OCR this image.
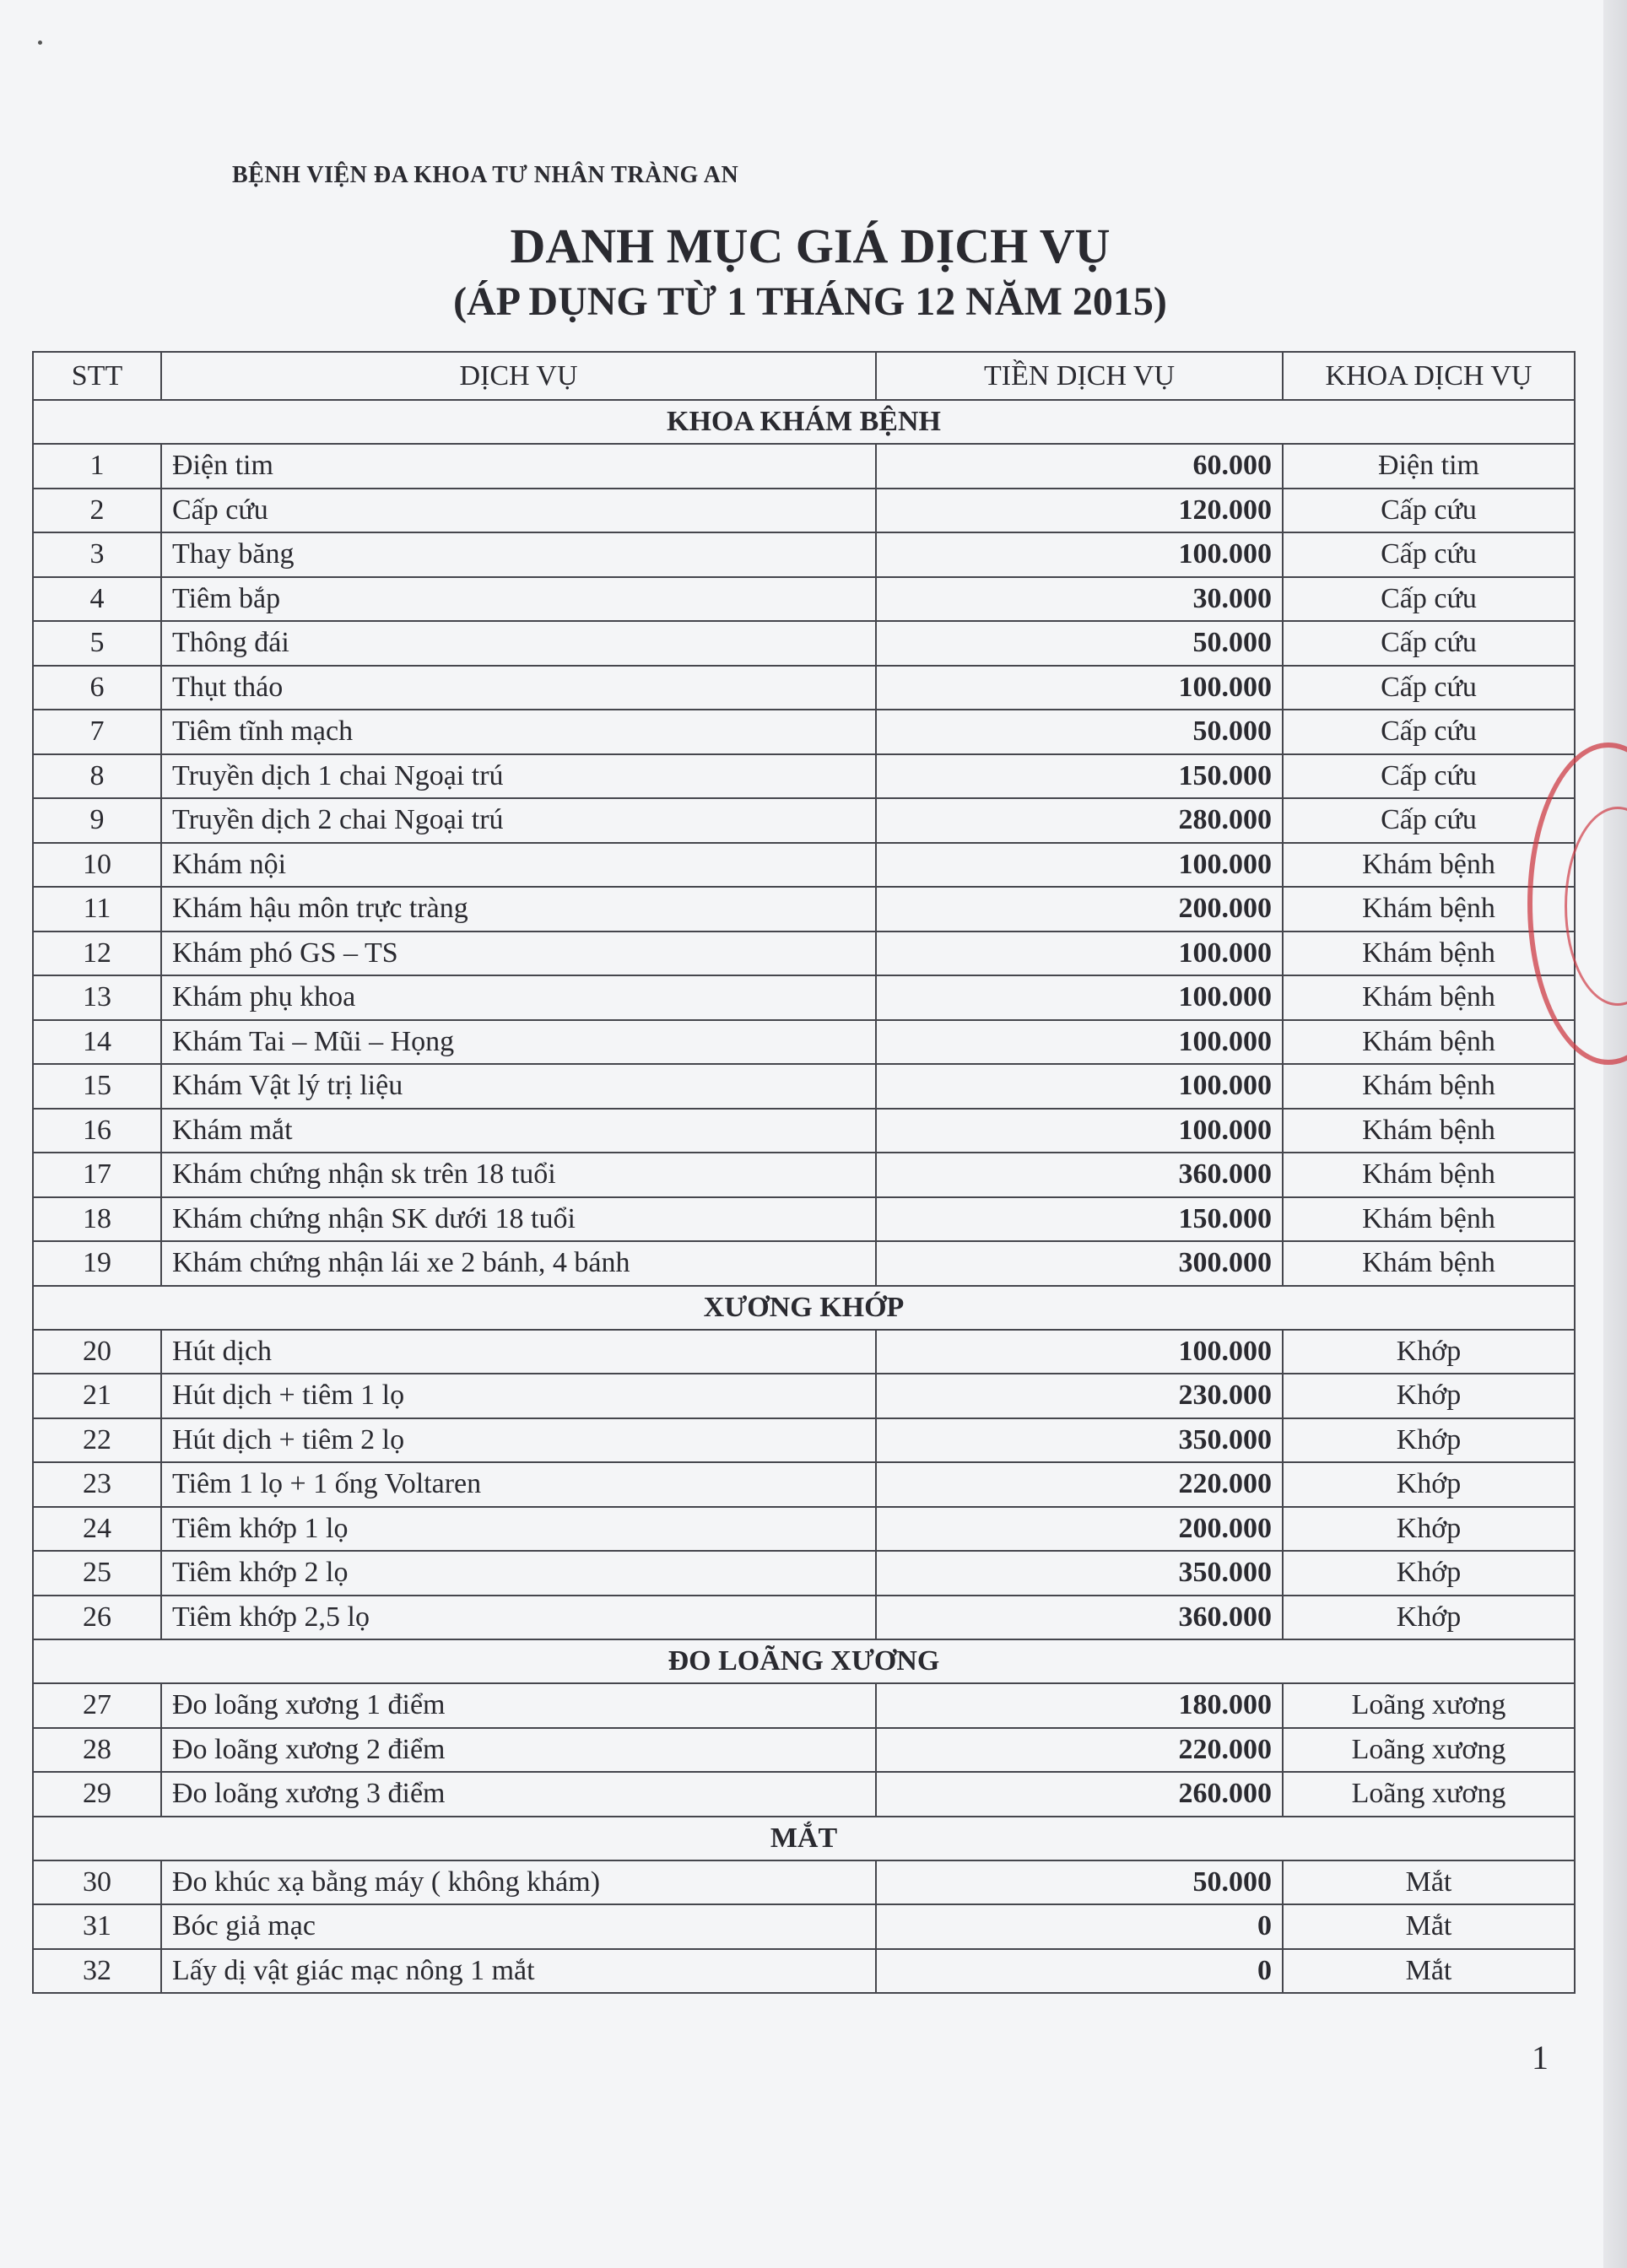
BỆNH VIỆN ĐA KHOA TƯ NHÂN TRÀNG AN
DANH MỤC GIÁ DỊCH VỤ
(ÁP DỤNG TỪ 1 THÁNG 12 NĂM 2015)
STT	DỊCH VỤ	TIỀN DỊCH VỤ	KHOA DỊCH VỤ
KHOA KHÁM BỆNH			
1	Điện tim	60.000	Điện tim
2	Cấp cứu	120.000	Cấp cứu
3	Thay băng	100.000	Cấp cứu
4	Tiêm bắp	30.000	Cấp cứu
5	Thông đái	50.000	Cấp cứu
6	Thụt tháo	100.000	Cấp cứu
7	Tiêm tĩnh mạch	50.000	Cấp cứu
8	Truyền dịch 1 chai Ngoại trú	150.000	Cấp cứu
9	Truyền dịch 2 chai Ngoại trú	280.000	Cấp cứu
10	Khám nội	100.000	Khám bệnh
11	Khám hậu môn trực tràng	200.000	Khám bệnh
12	Khám phó GS – TS	100.000	Khám bệnh
13	Khám phụ khoa	100.000	Khám bệnh
14	Khám Tai – Mũi – Họng	100.000	Khám bệnh
15	Khám Vật lý trị liệu	100.000	Khám bệnh
16	Khám mắt	100.000	Khám bệnh
17	Khám chứng nhận sk trên 18 tuổi	360.000	Khám bệnh
18	Khám chứng nhận SK dưới 18 tuổi	150.000	Khám bệnh
19	Khám chứng nhận lái xe 2 bánh, 4 bánh	300.000	Khám bệnh
XƯƠNG KHỚP			
20	Hút dịch	100.000	Khớp
21	Hút dịch + tiêm 1 lọ	230.000	Khớp
22	Hút dịch + tiêm 2 lọ	350.000	Khớp
23	Tiêm 1 lọ + 1 ống Voltaren	220.000	Khớp
24	Tiêm khớp 1 lọ	200.000	Khớp
25	Tiêm khớp 2 lọ	350.000	Khớp
26	Tiêm khớp 2,5 lọ	360.000	Khớp
ĐO LOÃNG XƯƠNG			
27	Đo loãng xương 1 điểm	180.000	Loãng xương
28	Đo loãng xương 2 điểm	220.000	Loãng xương
29	Đo loãng xương 3 điểm	260.000	Loãng xương
MẮT			
30	Đo khúc xạ bằng máy ( không khám)	50.000	Mắt
31	Bóc giả mạc	0	Mắt
32	Lấy dị vật giác mạc nông 1 mắt	0	Mắt
1
